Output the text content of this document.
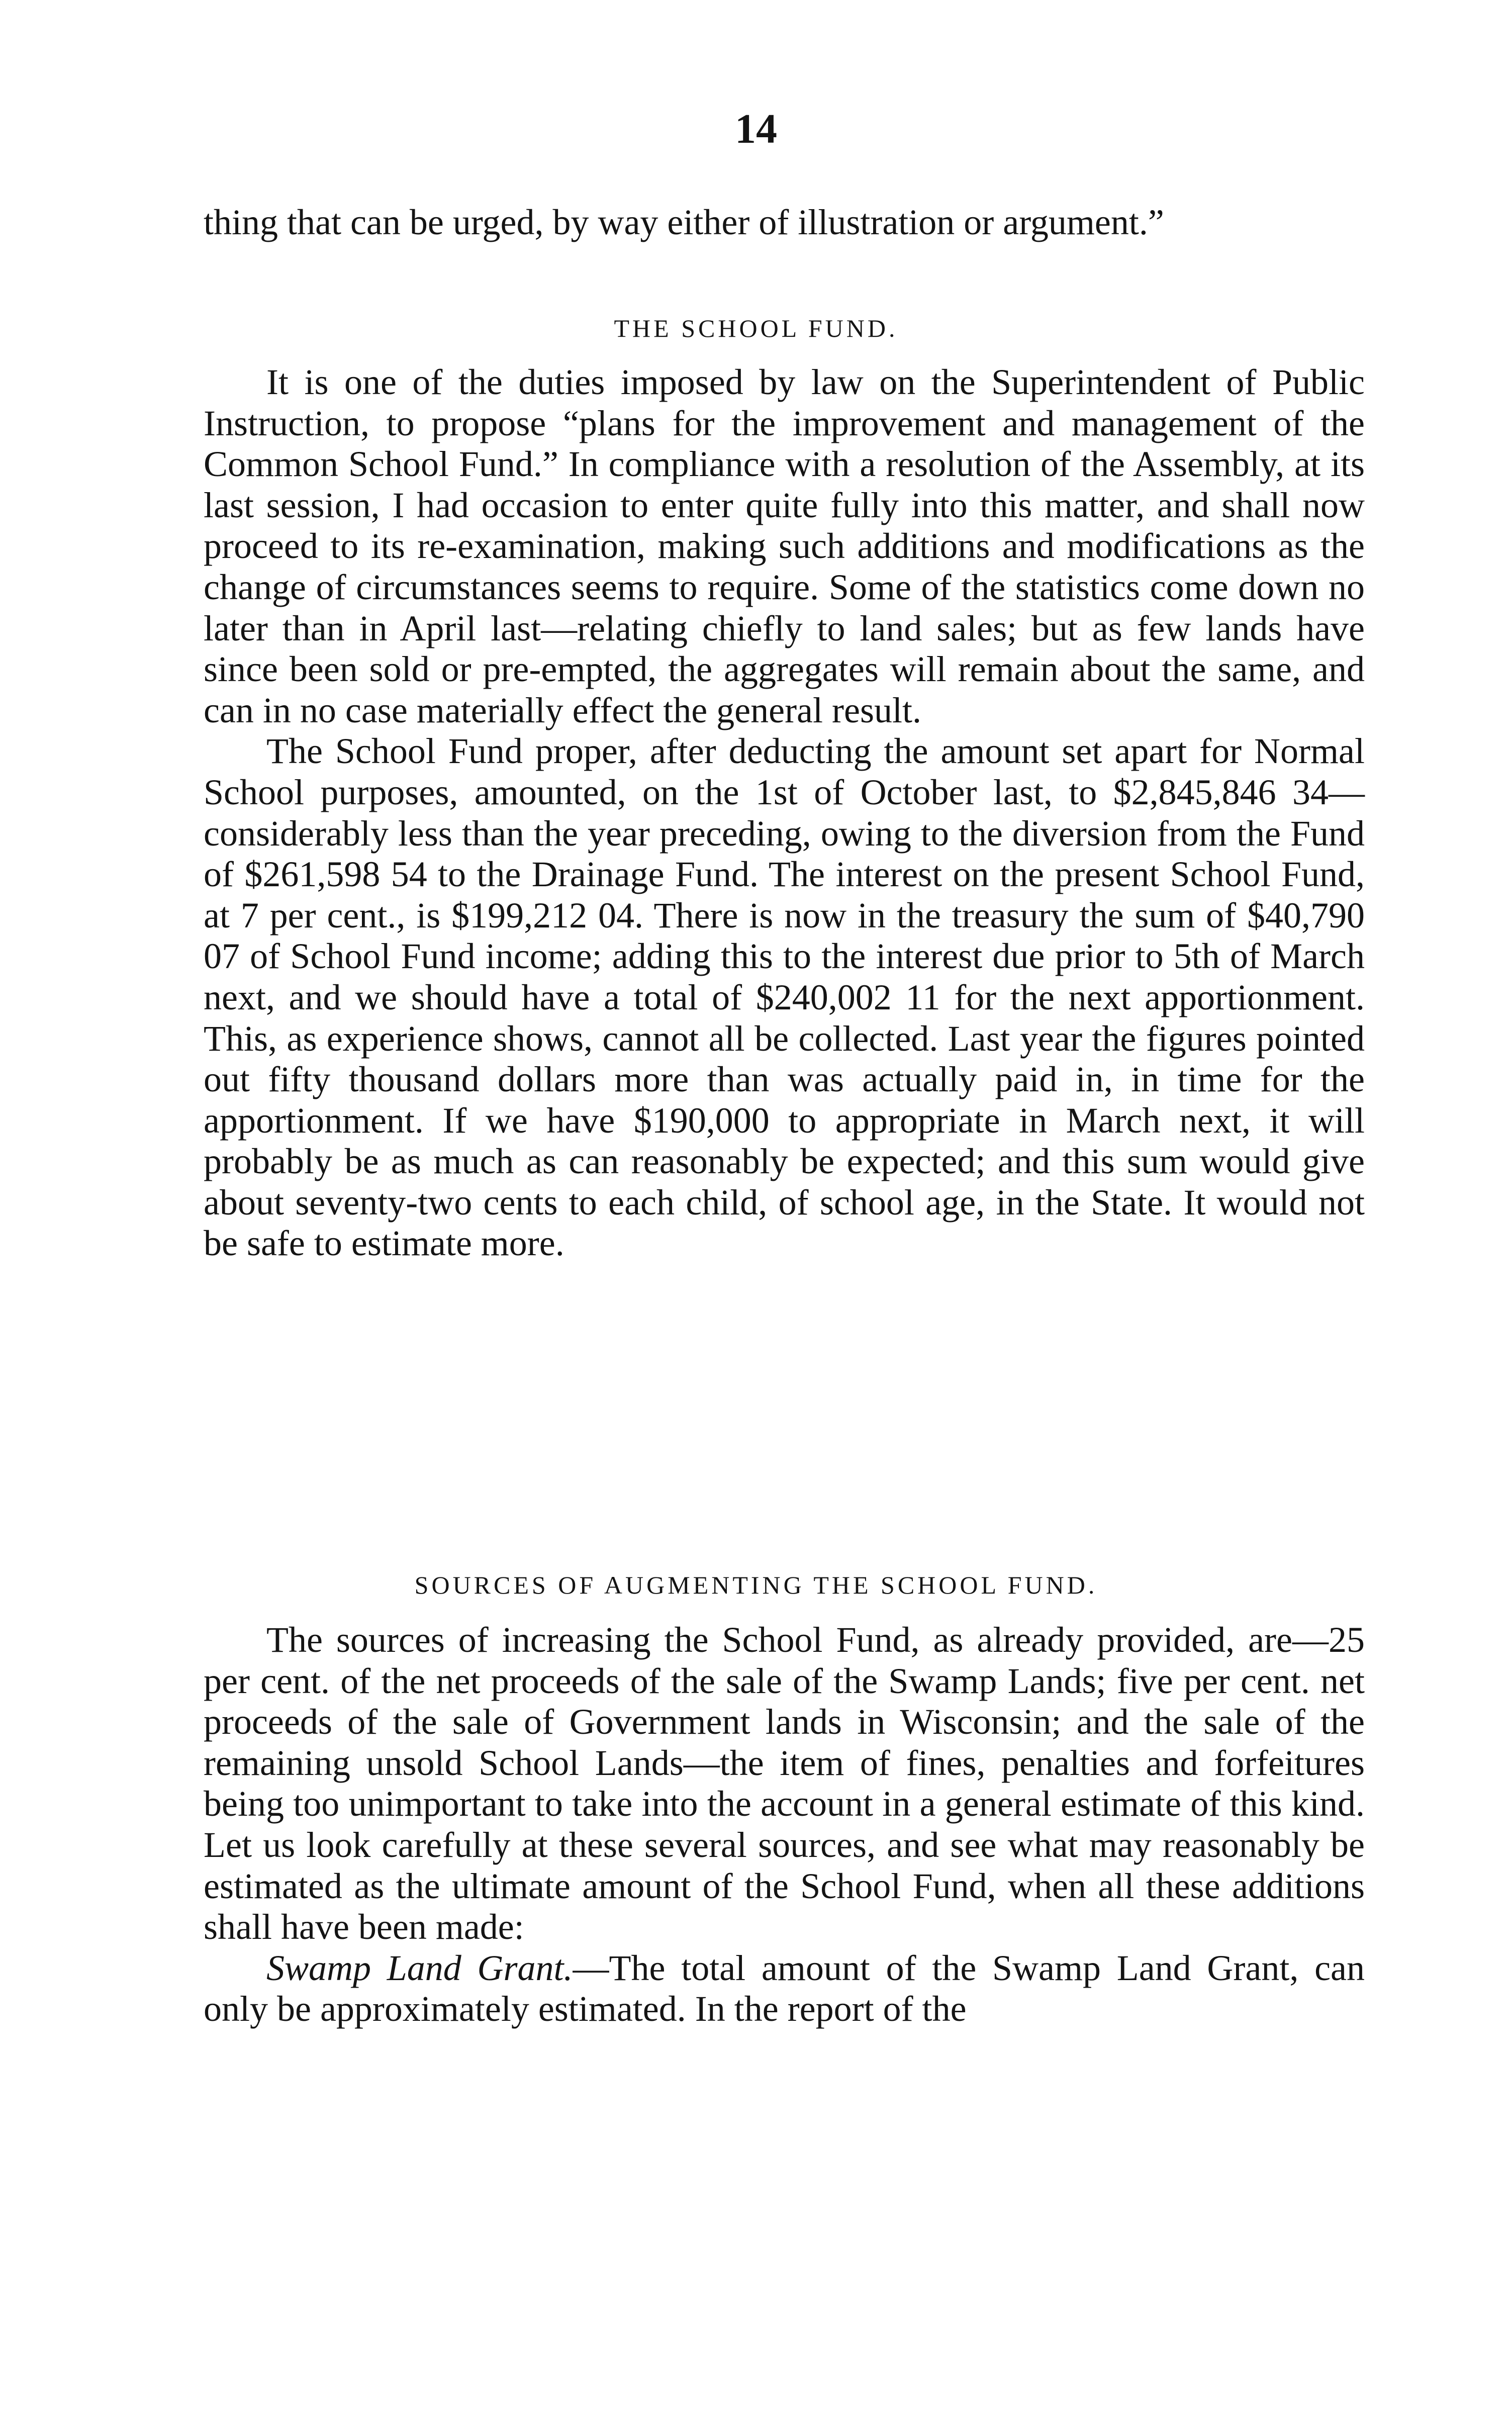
14

thing that can be urged, by way either of illustration or argument.”

THE SCHOOL FUND.

It is one of the duties imposed by law on the Superintendent of Public Instruction, to propose “plans for the improvement and management of the Common School Fund.” In compliance with a resolution of the Assembly, at its last session, I had occasion to enter quite fully into this matter, and shall now proceed to its re-examination, making such additions and modifications as the change of circumstances seems to require. Some of the statistics come down no later than in April last—relating chiefly to land sales; but as few lands have since been sold or pre-empted, the aggregates will remain about the same, and can in no case materially effect the general result.

The School Fund proper, after deducting the amount set apart for Normal School purposes, amounted, on the 1st of October last, to $2,845,846 34—considerably less than the year preceding, owing to the diversion from the Fund of $261,598 54 to the Drainage Fund. The interest on the present School Fund, at 7 per cent., is $199,212 04. There is now in the treasury the sum of $40,790 07 of School Fund income; adding this to the interest due prior to 5th of March next, and we should have a total of $240,002 11 for the next apportionment. This, as experience shows, cannot all be collected. Last year the figures pointed out fifty thousand dollars more than was actually paid in, in time for the apportionment. If we have $190,000 to appropriate in March next, it will probably be as much as can reasonably be expected; and this sum would give about seventy-two cents to each child, of school age, in the State. It would not be safe to estimate more.

SOURCES OF AUGMENTING THE SCHOOL FUND.

The sources of increasing the School Fund, as already provided, are—25 per cent. of the net proceeds of the sale of the Swamp Lands; five per cent. net proceeds of the sale of Government lands in Wisconsin; and the sale of the remaining unsold School Lands—the item of fines, penalties and forfeitures being too unimportant to take into the account in a general estimate of this kind. Let us look carefully at these several sources, and see what may reasonably be estimated as the ultimate amount of the School Fund, when all these additions shall have been made:

Swamp Land Grant.—The total amount of the Swamp Land Grant, can only be approximately estimated. In the report of the
